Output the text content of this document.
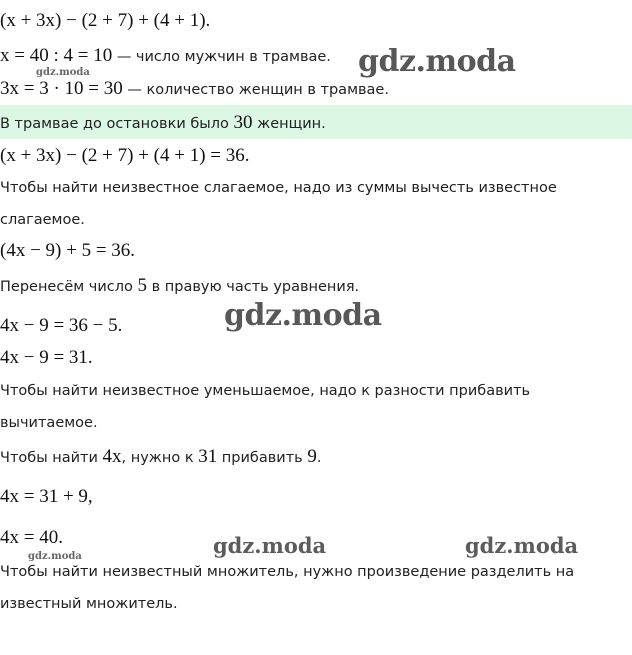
(x + 3x) − (2 + 7) + (4 + 1).
x = 40 : 4 = 10 — число мужчин в трамвае.
3x = 3 · 10 = 30 — количество женщин в трамвае.
В трамвае до остановки было 30 женщин.
(x + 3x) − (2 + 7) + (4 + 1) = 36.
Чтобы найти неизвестное слагаемое, надо из суммы вычесть известное
слагаемое.
(4x − 9) + 5 = 36.
Перенесём число 5 в правую часть уравнения.
4x − 9 = 36 − 5.
4x − 9 = 31.
Чтобы найти неизвестное уменьшаемое, надо к разности прибавить
вычитаемое.
Чтобы найти 4x, нужно к 31 прибавить 9.
4x = 31 + 9,
4x = 40.
Чтобы найти неизвестный множитель, нужно произведение разделить на
известный множитель.
gdz.moda
gdz.moda
gdz.moda
gdz.moda	gdz.moda
gdz.moda
